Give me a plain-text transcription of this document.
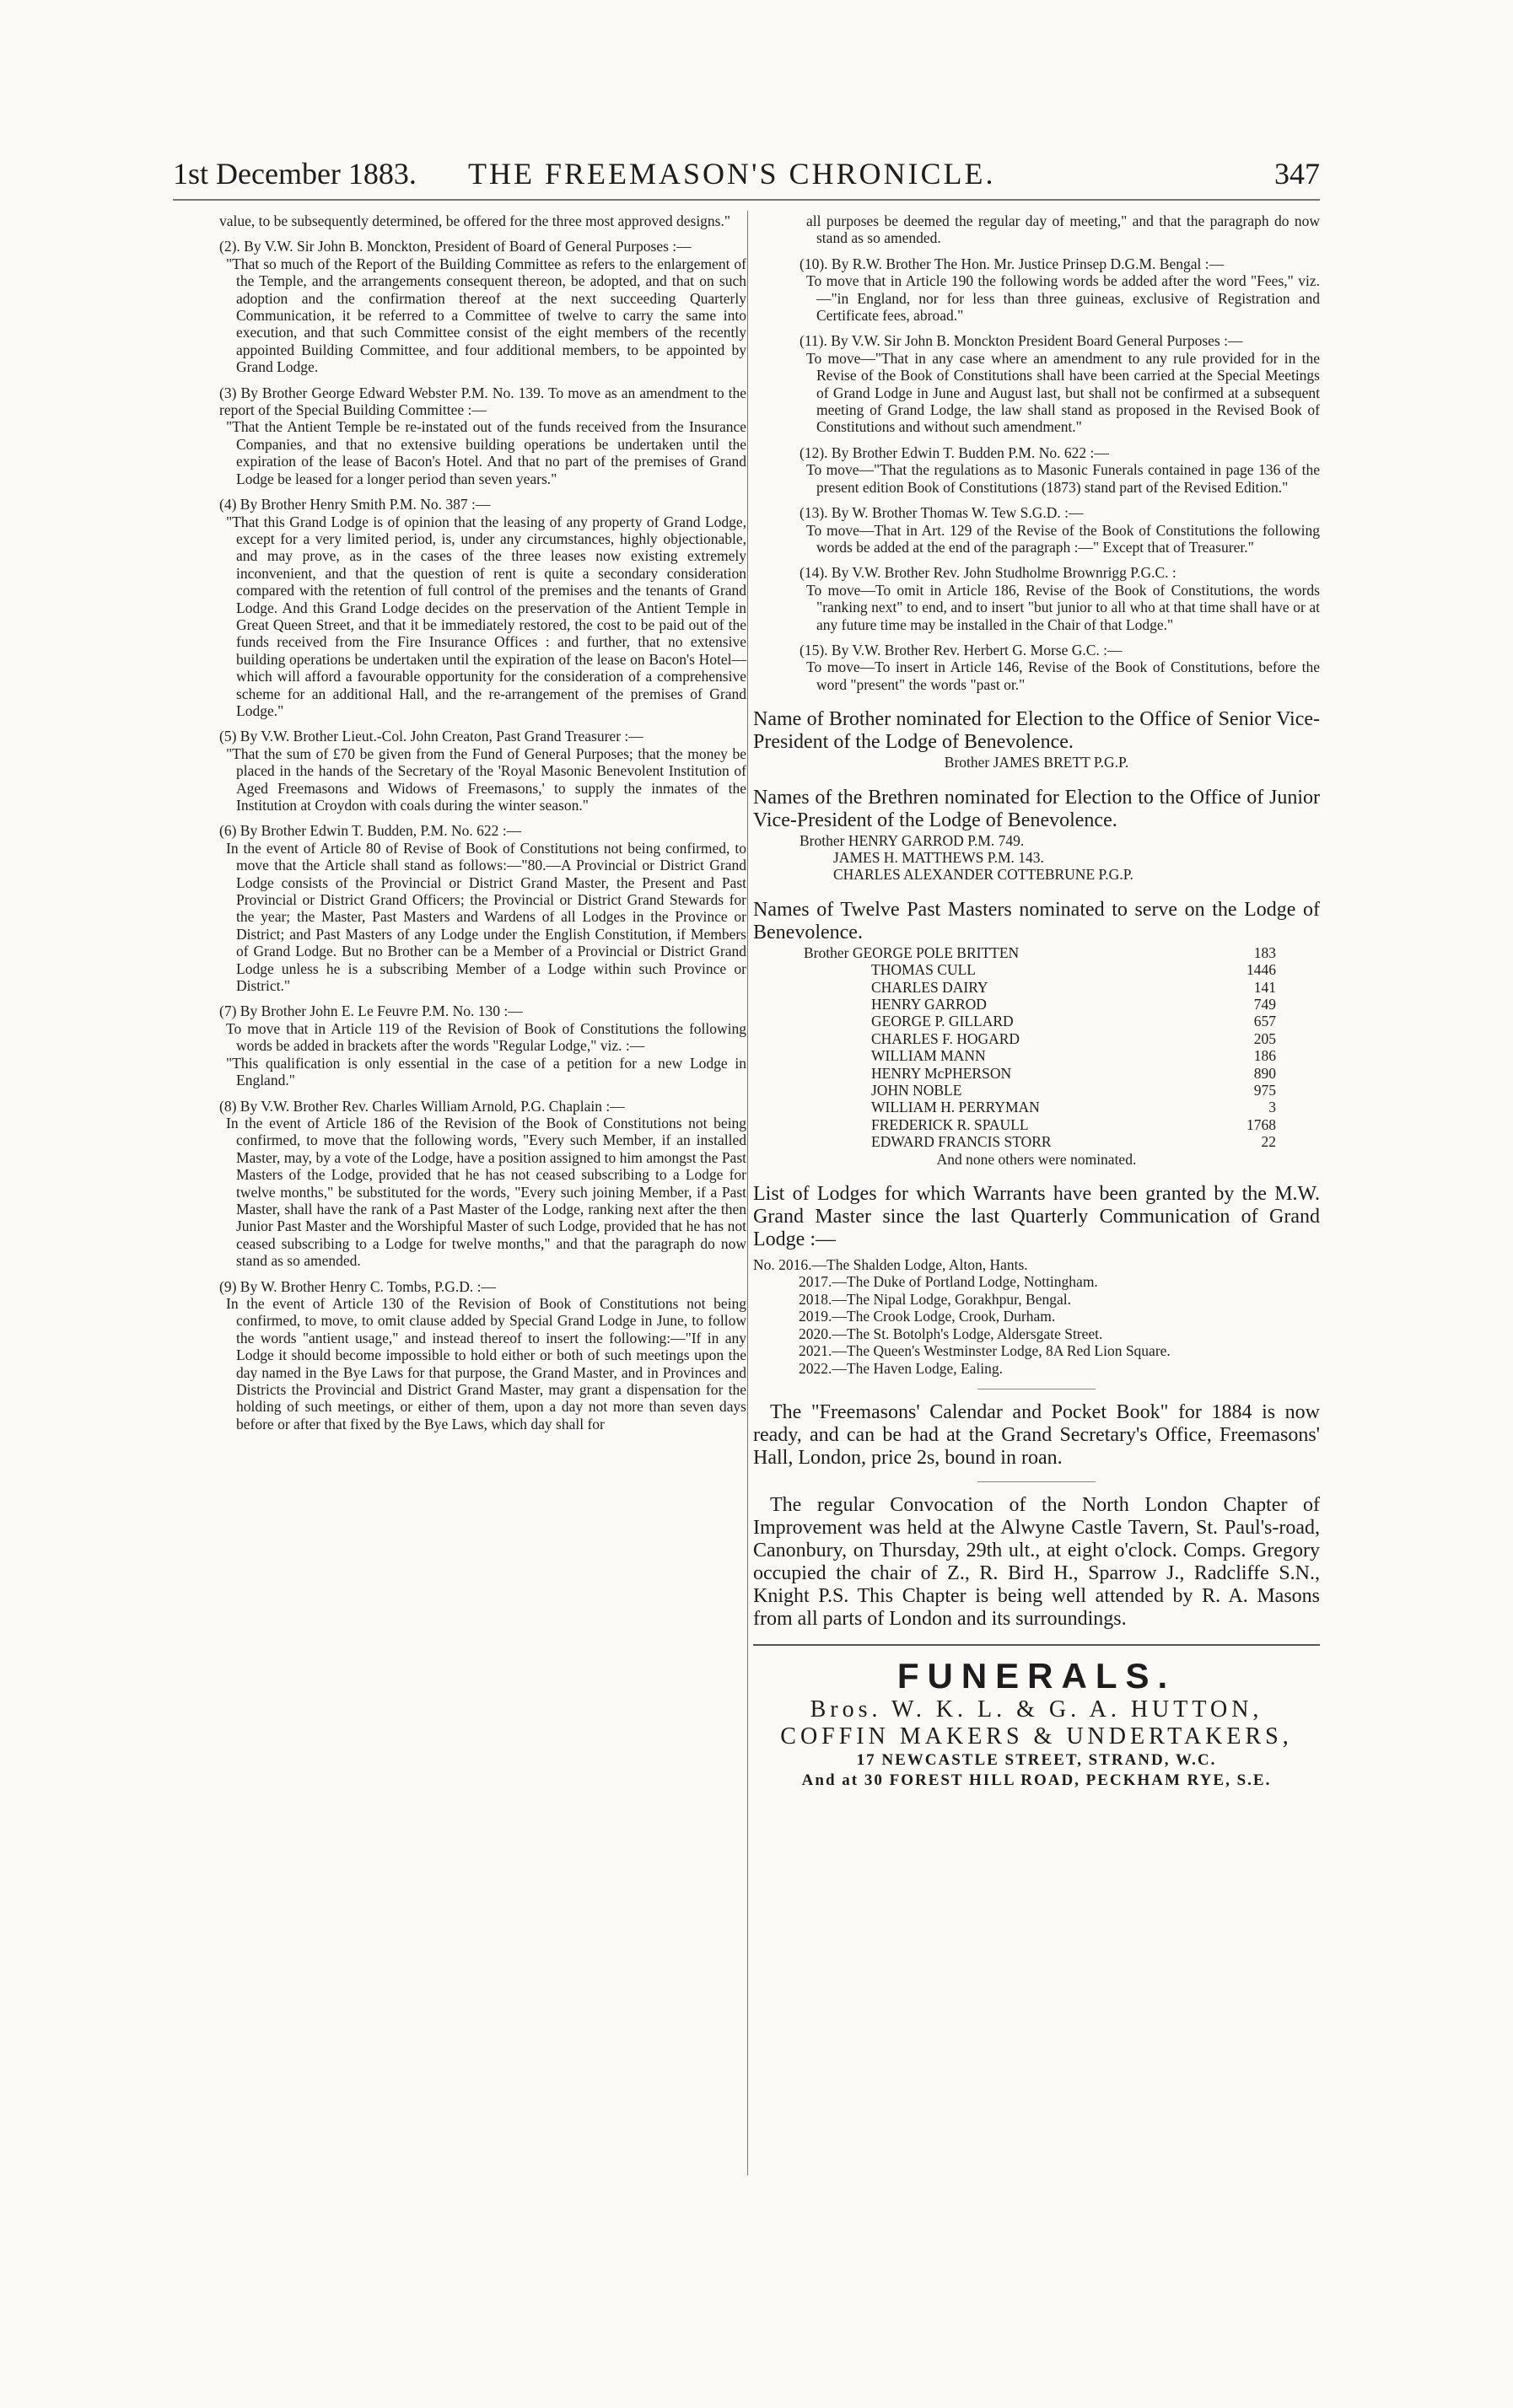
1st December 1883. THE FREEMASON'S CHRONICLE.	347

value, to be subsequently determined, be offered for the three most approved designs."

(2). By V.W. Sir John B. Monckton, President of Board of General Purposes :—

"That so much of the Report of the Building Committee as refers to the enlargement of the Temple, and the arrangements consequent thereon, be adopted, and that on such adoption and the confirmation thereof at the next succeeding Quarterly Communication, it be referred to a Committee of twelve to carry the same into execution, and that such Committee consist of the eight members of the recently appointed Building Committee, and four additional members, to be appointed by Grand Lodge.

(3) By Brother George Edward Webster P.M. No. 139. To move as an amendment to the report of the Special Building Committee :—

"That the Antient Temple be re-instated out of the funds received from the Insurance Companies, and that no extensive building operations be undertaken until the expiration of the lease of Bacon's Hotel. And that no part of the premises of Grand Lodge be leased for a longer period than seven years."

(4) By Brother Henry Smith P.M. No. 387 :—

"That this Grand Lodge is of opinion that the leasing of any property of Grand Lodge, except for a very limited period, is, under any circumstances, highly objectionable, and may prove, as in the cases of the three leases now existing extremely inconvenient, and that the question of rent is quite a secondary consideration compared with the retention of full control of the premises and the tenants of Grand Lodge. And this Grand Lodge decides on the preservation of the Antient Temple in Great Queen Street, and that it be immediately restored, the cost to be paid out of the funds received from the Fire Insurance Offices : and further, that no extensive building operations be undertaken until the expiration of the lease on Bacon's Hotel— which will afford a favourable opportunity for the consideration of a comprehensive scheme for an additional Hall, and the re-arrangement of the premises of Grand Lodge."

(5) By V.W. Brother Lieut.-Col. John Creaton, Past Grand Treasurer :—

"That the sum of £70 be given from the Fund of General Purposes; that the money be placed in the hands of the Secretary of the 'Royal Masonic Benevolent Institution of Aged Freemasons and Widows of Freemasons,' to supply the inmates of the Institution at Croydon with coals during the winter season."

(6) By Brother Edwin T. Budden, P.M. No. 622 :—

In the event of Article 80 of Revise of Book of Constitutions not being confirmed, to move that the Article shall stand as follows:—"80.—A Provincial or District Grand Lodge consists of the Provincial or District Grand Master, the Present and Past Provincial or District Grand Officers; the Provincial or District Grand Stewards for the year; the Master, Past Masters and Wardens of all Lodges in the Province or District; and Past Masters of any Lodge under the English Constitution, if Members of Grand Lodge. But no Brother can be a Member of a Provincial or District Grand Lodge unless he is a subscribing Member of a Lodge within such Province or District."

(7) By Brother John E. Le Feuvre P.M. No. 130 :—

To move that in Article 119 of the Revision of Book of Constitutions the following words be added in brackets after the words "Regular Lodge," viz. :—

"This qualification is only essential in the case of a petition for a new Lodge in England."

(8) By V.W. Brother Rev. Charles William Arnold, P.G. Chaplain :—

In the event of Article 186 of the Revision of the Book of Constitutions not being confirmed, to move that the following words, "Every such Member, if an installed Master, may, by a vote of the Lodge, have a position assigned to him amongst the Past Masters of the Lodge, provided that he has not ceased subscribing to a Lodge for twelve months," be substituted for the words, "Every such joining Member, if a Past Master, shall have the rank of a Past Master of the Lodge, ranking next after the then Junior Past Master and the Worshipful Master of such Lodge, provided that he has not ceased subscribing to a Lodge for twelve months," and that the paragraph do now stand as so amended.

(9) By W. Brother Henry C. Tombs, P.G.D. :—

In the event of Article 130 of the Revision of Book of Constitutions not being confirmed, to move, to omit clause added by Special Grand Lodge in June, to follow the words "antient usage," and instead thereof to insert the following:—"If in any Lodge it should become impossible to hold either or both of such meetings upon the day named in the Bye Laws for that purpose, the Grand Master, and in Provinces and Districts the Provincial and District Grand Master, may grant a dispensation for the holding of such meetings, or either of them, upon a day not more than seven days before or after that fixed by the Bye Laws, which day shall for

all purposes be deemed the regular day of meeting," and that the paragraph do now stand as so amended.

(10). By R.W. Brother The Hon. Mr. Justice Prinsep D.G.M. Bengal :—

To move that in Article 190 the following words be added after the word "Fees," viz.—"in England, nor for less than three guineas, exclusive of Registration and Certificate fees, abroad."

(11). By V.W. Sir John B. Monckton President Board General Purposes :—

To move—"That in any case where an amendment to any rule provided for in the Revise of the Book of Constitutions shall have been carried at the Special Meetings of Grand Lodge in June and August last, but shall not be confirmed at a subsequent meeting of Grand Lodge, the law shall stand as proposed in the Revised Book of Constitutions and without such amendment."

(12). By Brother Edwin T. Budden P.M. No. 622 :—

To move—"That the regulations as to Masonic Funerals contained in page 136 of the present edition Book of Constitutions (1873) stand part of the Revised Edition."

(13). By W. Brother Thomas W. Tew S.G.D. :—

To move—That in Art. 129 of the Revise of the Book of Constitutions the following words be added at the end of the paragraph :—" Except that of Treasurer."

(14). By V.W. Brother Rev. John Studholme Brownrigg P.G.C. :

To move—To omit in Article 186, Revise of the Book of Constitutions, the words "ranking next" to end, and to insert "but junior to all who at that time shall have or at any future time may be installed in the Chair of that Lodge."

(15). By V.W. Brother Rev. Herbert G. Morse G.C. :—

To move—To insert in Article 146, Revise of the Book of Constitutions, before the word "present" the words "past or."

Name of Brother nominated for Election to the Office of Senior Vice-President of the Lodge of Benevolence.

Brother JAMES BRETT P.G.P.

Names of the Brethren nominated for Election to the Office of Junior Vice-President of the Lodge of Benevolence.

Brother HENRY GARROD P.M. 749.

JAMES H. MATTHEWS P.M. 143.

CHARLES ALEXANDER COTTEBRUNE P.G.P.

Names of Twelve Past Masters nominated to serve on the Lodge of Benevolence.

Brother GEORGE POLE BRITTEN	183
THOMAS CULL	1446
CHARLES DAIRY	141
HENRY GARROD	749
GEORGE P. GILLARD	657
CHARLES F. HOGARD	205
WILLIAM MANN	186
HENRY McPHERSON	890
JOHN NOBLE	975
WILLIAM H. PERRYMAN	3
FREDERICK R. SPAULL	1768
EDWARD FRANCIS STORR	22

And none others were nominated.

List of Lodges for which Warrants have been granted by the M.W. Grand Master since the last Quarterly Communication of Grand Lodge :—

No. 2016.—The Shalden Lodge, Alton, Hants.

2017.—The Duke of Portland Lodge, Nottingham.

2018.—The Nipal Lodge, Gorakhpur, Bengal.

2019.—The Crook Lodge, Crook, Durham.

2020.—The St. Botolph's Lodge, Aldersgate Street.

2021.—The Queen's Westminster Lodge, 8A Red Lion Square.

2022.—The Haven Lodge, Ealing.

The "Freemasons' Calendar and Pocket Book" for 1884 is now ready, and can be had at the Grand Secretary's Office, Freemasons' Hall, London, price 2s, bound in roan.

The regular Convocation of the North London Chapter of Improvement was held at the Alwyne Castle Tavern, St. Paul's-road, Canonbury, on Thursday, 29th ult., at eight o'clock. Comps. Gregory occupied the chair of Z., R. Bird H., Sparrow J., Radcliffe S.N., Knight P.S. This Chapter is being well attended by R. A. Masons from all parts of London and its surroundings.

FUNERALS.

Bros. W. K. L. & G. A. HUTTON,

COFFIN MAKERS & UNDERTAKERS,

17 NEWCASTLE STREET, STRAND, W.C.

And at 30 FOREST HILL ROAD, PECKHAM RYE, S.E.
